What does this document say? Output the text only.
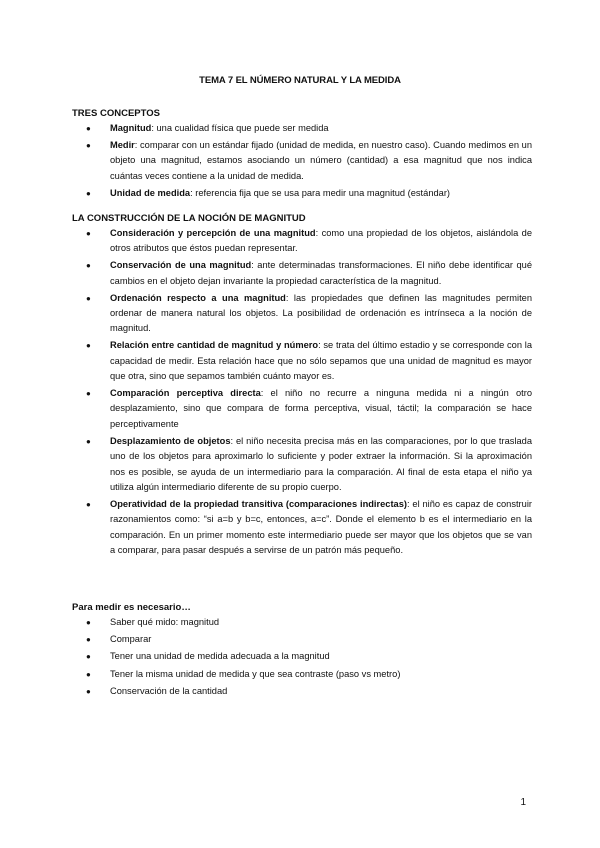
TEMA 7 EL NÚMERO NATURAL Y LA MEDIDA
TRES CONCEPTOS
● Magnitud: una cualidad física que puede ser medida
● Medir: comparar con un estándar fijado (unidad de medida, en nuestro caso). Cuando medimos en un objeto una magnitud, estamos asociando un número (cantidad) a esa magnitud que nos indica cuántas veces contiene a la unidad de medida.
● Unidad de medida: referencia fija que se usa para medir una magnitud (estándar)
LA CONSTRUCCIÓN DE LA NOCIÓN DE MAGNITUD
● Consideración y percepción de una magnitud: como una propiedad de los objetos, aislándola de otros atributos que éstos puedan representar.
● Conservación de una magnitud: ante determinadas transformaciones. El niño debe identificar qué cambios en el objeto dejan invariante la propiedad característica de la magnitud.
● Ordenación respecto a una magnitud: las propiedades que definen las magnitudes permiten ordenar de manera natural los objetos. La posibilidad de ordenación es intrínseca a la noción de magnitud.
● Relación entre cantidad de magnitud y número: se trata del último estadio y se corresponde con la capacidad de medir. Esta relación hace que no sólo sepamos que una unidad de magnitud es mayor que otra, sino que sepamos también cuánto mayor es.
● Comparación perceptiva directa: el niño no recurre a ninguna medida ni a ningún otro desplazamiento, sino que compara de forma perceptiva, visual, táctil; la comparación se hace perceptivamente
● Desplazamiento de objetos: el niño necesita precisa más en las comparaciones, por lo que traslada uno de los objetos para aproximarlo lo suficiente y poder extraer la información. Si la aproximación nos es posible, se ayuda de un intermediario para la comparación. Al final de esta etapa el niño ya utiliza algún intermediario diferente de su propio cuerpo.
● Operatividad de la propiedad transitiva (comparaciones indirectas): el niño es capaz de construir razonamientos como: “si a=b y b=c, entonces, a=c”. Donde el elemento b es el intermediario en la comparación. En un primer momento este intermediario puede ser mayor que los objetos que se van a comparar, para pasar después a servirse de un patrón más pequeño.
Para medir es necesario…
● Saber qué mido: magnitud
● Comparar
● Tener una unidad de medida adecuada a la magnitud
● Tener la misma unidad de medida y que sea contraste (paso vs metro)
● Conservación de la cantidad
1
